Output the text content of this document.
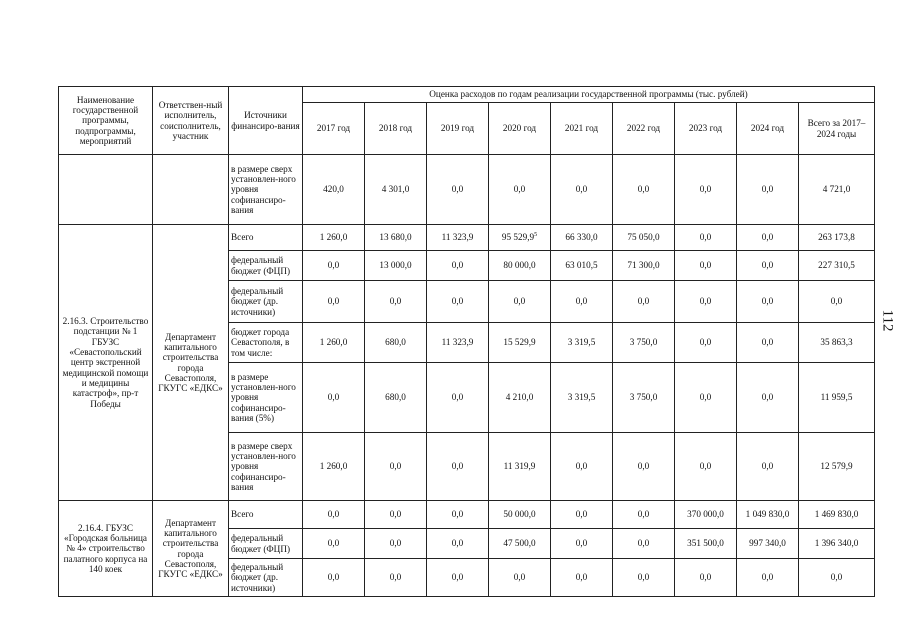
Наименование государственной программы, подпрограммы, мероприятий	Ответствен-ный исполнитель, соисполнитель, участник	Источники финансиро-вания	Оценка расходов по годам реализации государственной программы (тыс. рублей)								
			2017 год	2018 год	2019 год	2020 год	2021 год	2022 год	2023 год	2024 год	Всего за 2017–2024 годы
		в размере сверх установлен-ного уровня софинансиро-вания	420,0	4 301,0	0,0	0,0	0,0	0,0	0,0	0,0	4 721,0
2.16.3. Строительство подстанции № 1 ГБУЗС «Севастопольский центр экстренной медицинской помощи и медицины катастроф», пр-т Победы	Департамент капитального строительства города Севастополя, ГКУГС «ЕДКС»	Всего	1 260,0	13 680,0	11 323,9	95 529,9$^5$	66 330,0	75 050,0	0,0	0,0	263 173,8
		федеральный бюджет (ФЦП)	0,0	13 000,0	0,0	80 000,0	63 010,5	71 300,0	0,0	0,0	227 310,5
		федеральный бюджет (др. источники)	0,0	0,0	0,0	0,0	0,0	0,0	0,0	0,0	0,0
		бюджет города Севастополя, в том числе:	1 260,0	680,0	11 323,9	15 529,9	3 319,5	3 750,0	0,0	0,0	35 863,3
		в размере установлен-ного уровня софинансиро-вания (5%)	0,0	680,0	0,0	4 210,0	3 319,5	3 750,0	0,0	0,0	11 959,5
		в размере сверх установлен-ного уровня софинансиро-вания	1 260,0	0,0	0,0	11 319,9	0,0	0,0	0,0	0,0	12 579,9
2.16.4. ГБУЗС «Городская больница № 4» строительство палатного корпуса на 140 коек	Департамент капитального строительства города Севастополя, ГКУГС «ЕДКС»	Всего	0,0	0,0	0,0	50 000,0	0,0	0,0	370 000,0	1 049 830,0	1 469 830,0
		федеральный бюджет (ФЦП)	0,0	0,0	0,0	47 500,0	0,0	0,0	351 500,0	997 340,0	1 396 340,0
		федеральный бюджет (др. источники)	0,0	0,0	0,0	0,0	0,0	0,0	0,0	0,0	0,0
112
